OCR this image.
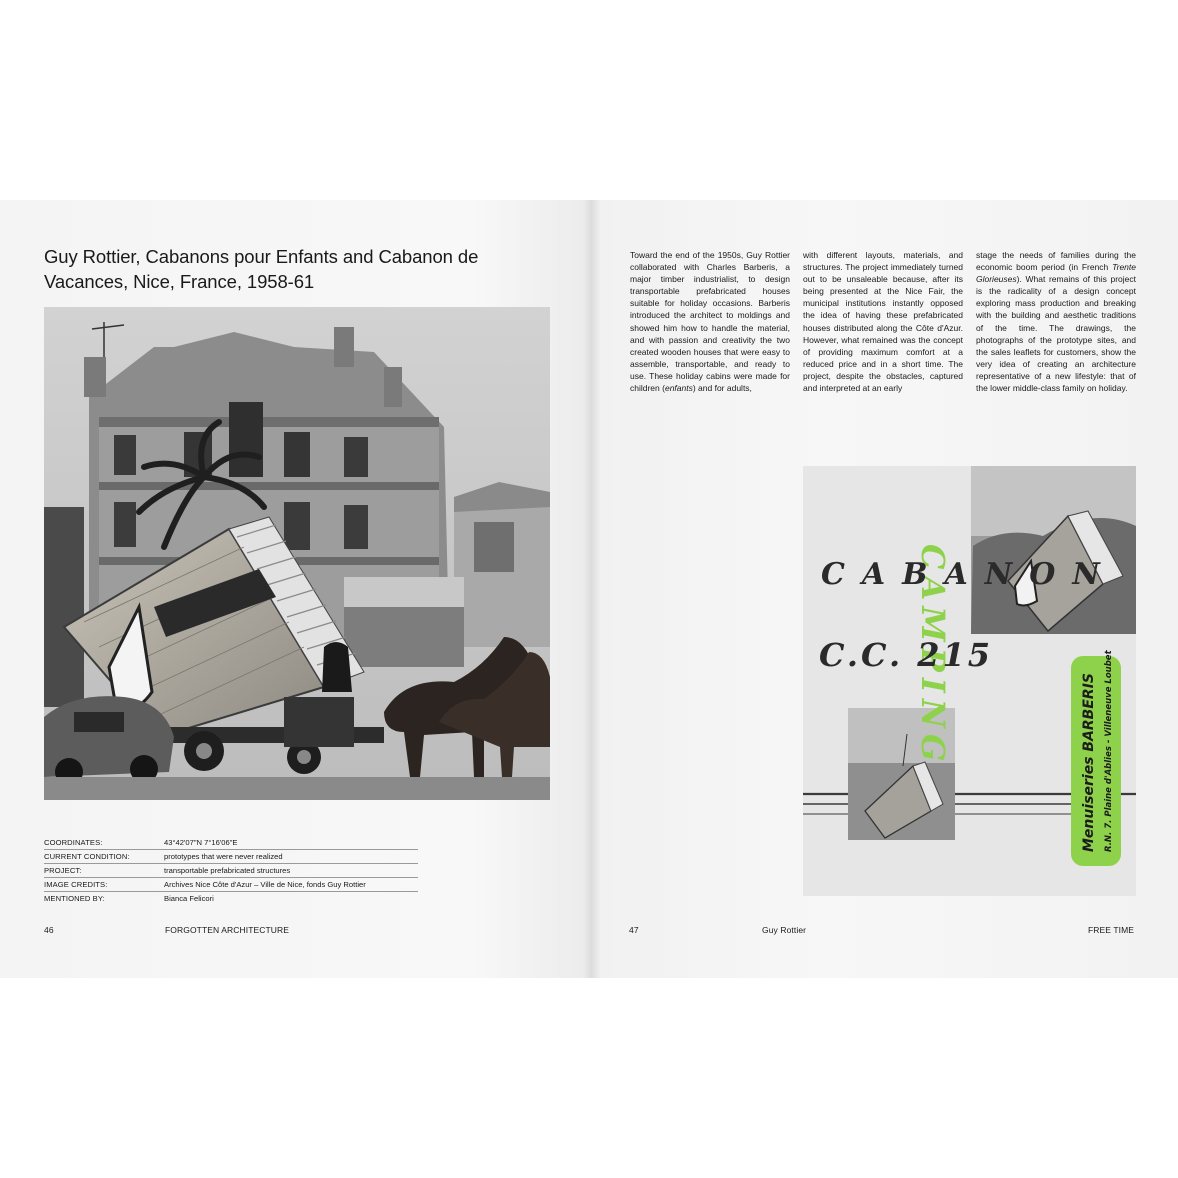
Guy Rottier, Cabanons pour Enfants and Cabanon de Vacances, Nice, France, 1958-61
COORDINATES:	43°42'07"N 7°16'06"E
CURRENT CONDITION:	prototypes that were never realized
PROJECT:	transportable prefabricated structures
IMAGE CREDITS:	Archives Nice Côte d'Azur – Ville de Nice, fonds Guy Rottier
MENTIONED BY:	Bianca Felicori
46	FORGOTTEN ARCHITECTURE

Toward the end of the 1950s, Guy Rottier collaborated with Charles Barberis, a major timber industrialist, to design transportable prefabricated houses suitable for holiday occasions. Barberis introduced the architect to moldings and showed him how to handle the material, and with passion and creativity the two created wooden houses that were easy to assemble, transportable, and ready to use. These holiday cabins were made for children (enfants) and for adults,

with different layouts, materials, and structures. The project immediately turned out to be unsaleable because, after its being presented at the Nice Fair, the municipal institutions instantly opposed the idea of having these prefabricated houses distributed along the Côte d'Azur. However, what remained was the concept of providing maximum comfort at a reduced price and in a short time. The project, despite the obstacles, captured and interpreted at an early

stage the needs of families during the economic boom period (in French Trente Glorieuses). What remains of this project is the radicality of a design concept exploring mass production and breaking with the building and aesthetic traditions of the time. The drawings, the photographs of the prototype sites, and the sales leaflets for customers, show the very idea of creating an architecture representative of a new lifestyle: that of the lower middle-class family on holiday.

CAMPING
CABANON
C.C. 215
Menuiseries BARBERIS R.N. 7. Plaine d'Ablies - Villeneuve Loubet
47	Guy Rottier	FREE TIME
